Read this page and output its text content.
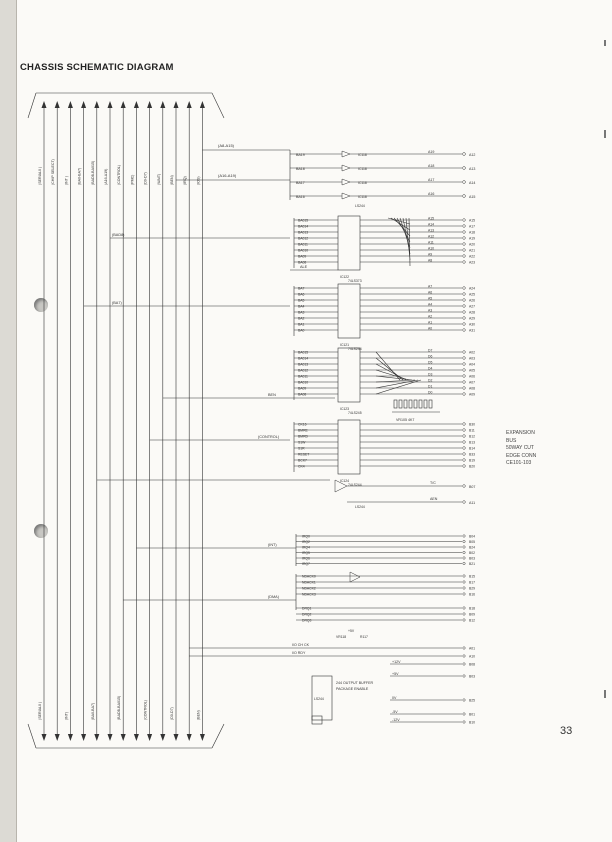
CHASSIS SCHEMATIC DIAGRAM
(SERIAL0 )	(CHIP SELECT)	(INT )	(BA0-BA7)	(BADB-BA015)	(A16-A19)	(CONTROL)	(PMC)	(D0-D7)	(WAIT)	(BEN)	(IRQ)	(IOS)
(SERIAL0 )	(INT)	(BA0-BA7)	(BADB-BA015)	(CONTROL)	(D0-D7)	(BEN)
(A8-A15)
(A16-A19)
BA19	IC118
A19
A12
BA18	IC118
A18
A13
BA17	IC118
A17
A14
BA16	IC118
A16
A15
LS244
IC122
74LS373
BA015	A15	A15
BA014	A14	A17
BA013	A13	A18
BA012	A12	A19
BA011	A11	A20
BA010	A10	A21
BA09	A9	A22
BA08	A8	A23
IC121
74LS244
BA7	A7	A24
BA6	A6	A25
BA5	A5	A26
BA4	A4	A27
BA3	A3	A28
BA2	A2	A29
BA1	A1	A30
BA0	A0	A31
IC123
74LS245
BA015	D7	A02
BA014	D6	A03
BA013	D5	A04
BA012	D4	A05
BA011	D3	A06
BA010	D2	A07
BA09	D1	A08
BA08	D0	A09
IC124
74LS244
CK16	B30
BMRE	B11
BMRD	B12
S1W	B13
S1R	B14
RESET	B33
BCK7	B19
CK4	B20
(BAD8)
(BA7)
(CONTROL)
BEN
ALE
VR105 4K7
T/C
B07
AEN
A11
LS244
(INT)
IRQ0	B04
IRQ2	B05
IRQ4	B24
IRQ5	B02
IRQ6	B03
IRQ7	B21
(DMA)
NDACK0	B15
NDACK1	B17
NDACK2	B29
NDACK3	B16
DRQ1	B18
DRQ2	B09
DRQ3	B12
I/O CH CK
I/O RDY
A01
A10
+5V
VR118	R117
+12V
B08
+5V
B03
0V
B25
-5V
B01
-12V
B10
LS244
244 OUTPUT BUFFER
PACKAGE ENABLE
EXPANSION
BUS
50WAY CUT
EDGE CONN
CE101-103
33
